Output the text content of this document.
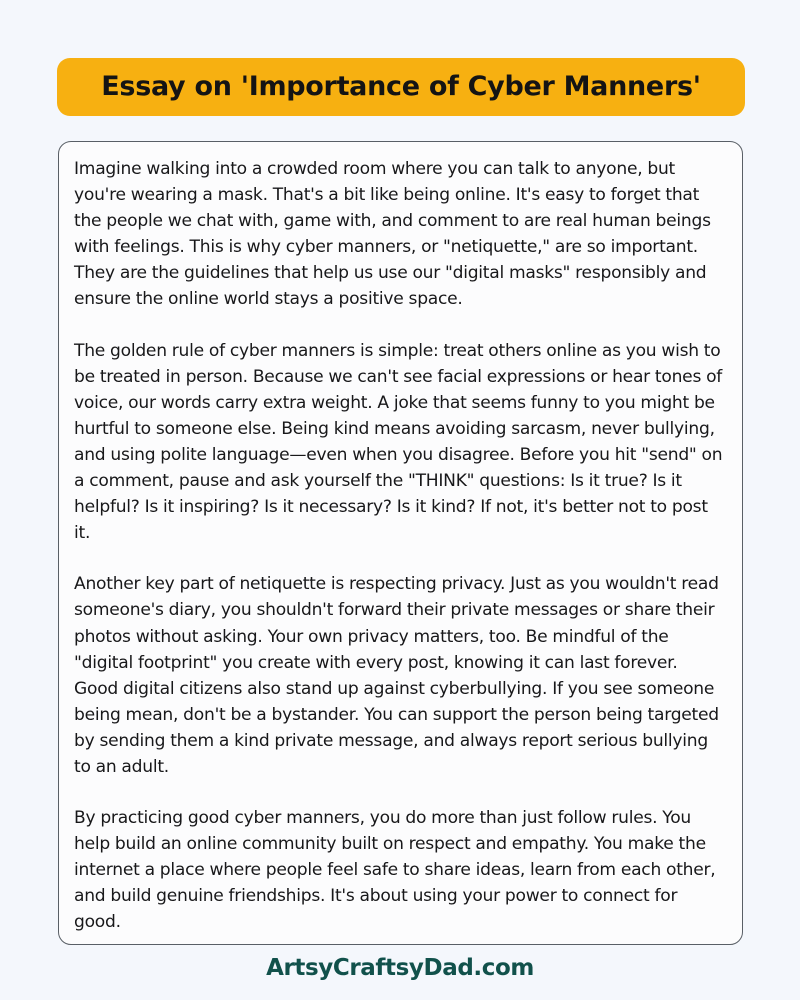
Essay on 'Importance of Cyber Manners'

Imagine walking into a crowded room where you can talk to anyone, but you're wearing a mask. That's a bit like being online. It's easy to forget that the people we chat with, game with, and comment to are real human beings with feelings. This is why cyber manners, or "netiquette," are so important. They are the guidelines that help us use our "digital masks" responsibly and ensure the online world stays a positive space.

The golden rule of cyber manners is simple: treat others online as you wish to be treated in person. Because we can't see facial expressions or hear tones of voice, our words carry extra weight. A joke that seems funny to you might be hurtful to someone else. Being kind means avoiding sarcasm, never bullying, and using polite language—even when you disagree. Before you hit "send" on a comment, pause and ask yourself the "THINK" questions: Is it true? Is it helpful? Is it inspiring? Is it necessary? Is it kind? If not, it's better not to post it.

Another key part of netiquette is respecting privacy. Just as you wouldn't read someone's diary, you shouldn't forward their private messages or share their photos without asking. Your own privacy matters, too. Be mindful of the "digital footprint" you create with every post, knowing it can last forever. Good digital citizens also stand up against cyberbullying. If you see someone being mean, don't be a bystander. You can support the person being targeted by sending them a kind private message, and always report serious bullying to an adult.

By practicing good cyber manners, you do more than just follow rules. You help build an online community built on respect and empathy. You make the internet a place where people feel safe to share ideas, learn from each other, and build genuine friendships. It's about using your power to connect for good.

ArtsyCraftsyDad.com
